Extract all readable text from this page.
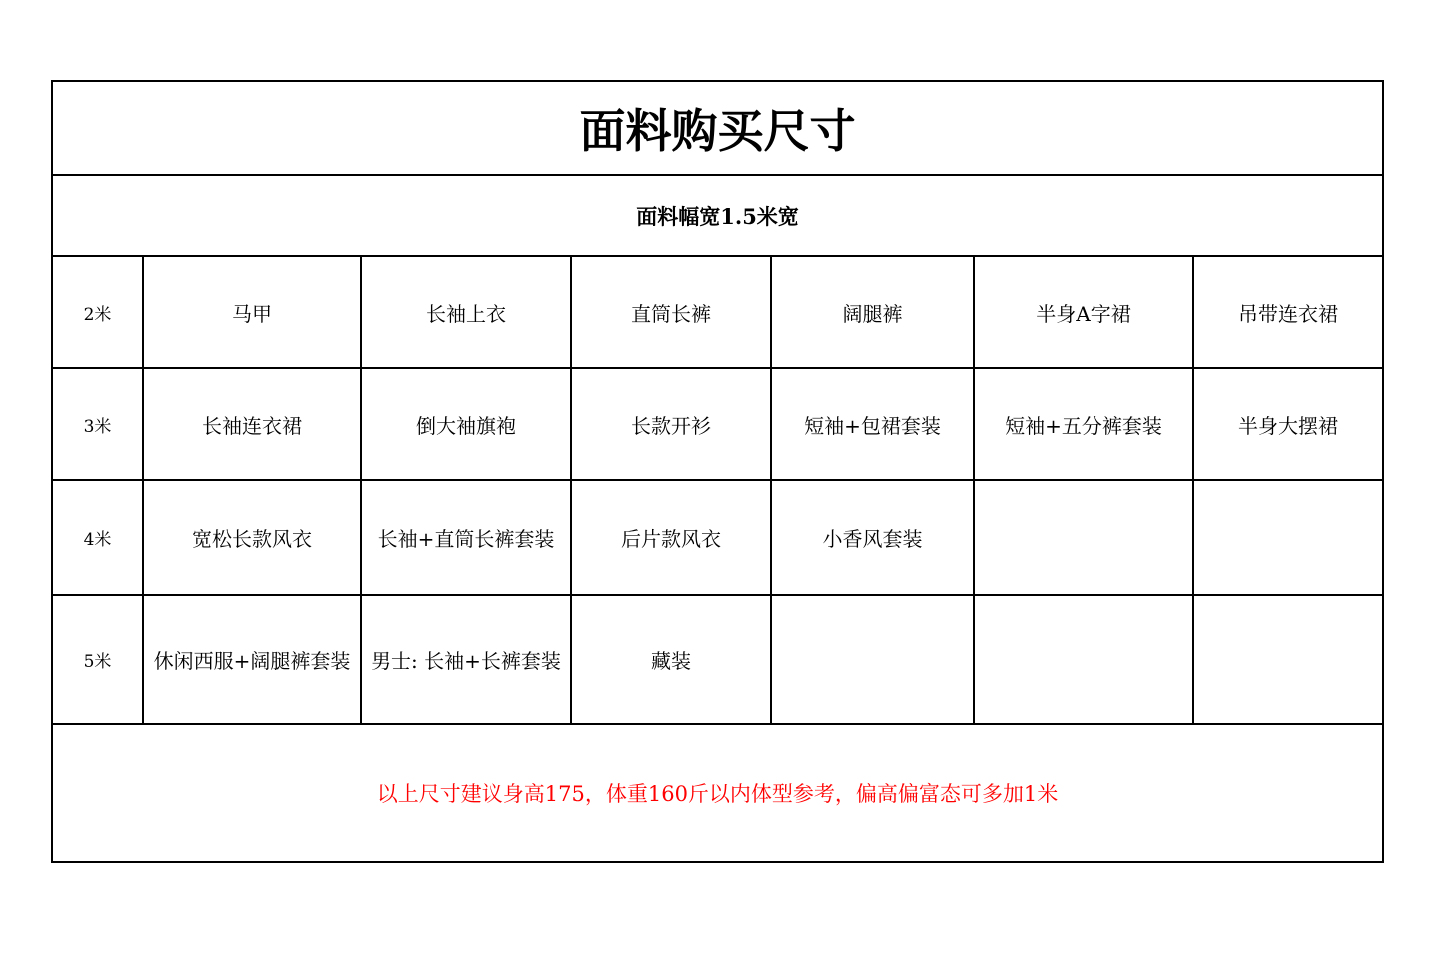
面料购买尺寸						
面料幅宽1.5米宽						
2米	马甲	长袖上衣	直筒长裤	阔腿裤	半身A字裙	吊带连衣裙
3米	长袖连衣裙	倒大袖旗袍	长款开衫	短袖+包裙套装	短袖+五分裤套装	半身大摆裙
4米	宽松长款风衣	长袖+直筒长裤套装	后片款风衣	小香风套装		
5米	休闲西服+阔腿裤套装	男士: 长袖+长裤套装	藏装			
以上尺寸建议身高175，体重160斤以内体型参考，偏高偏富态可多加1米						
